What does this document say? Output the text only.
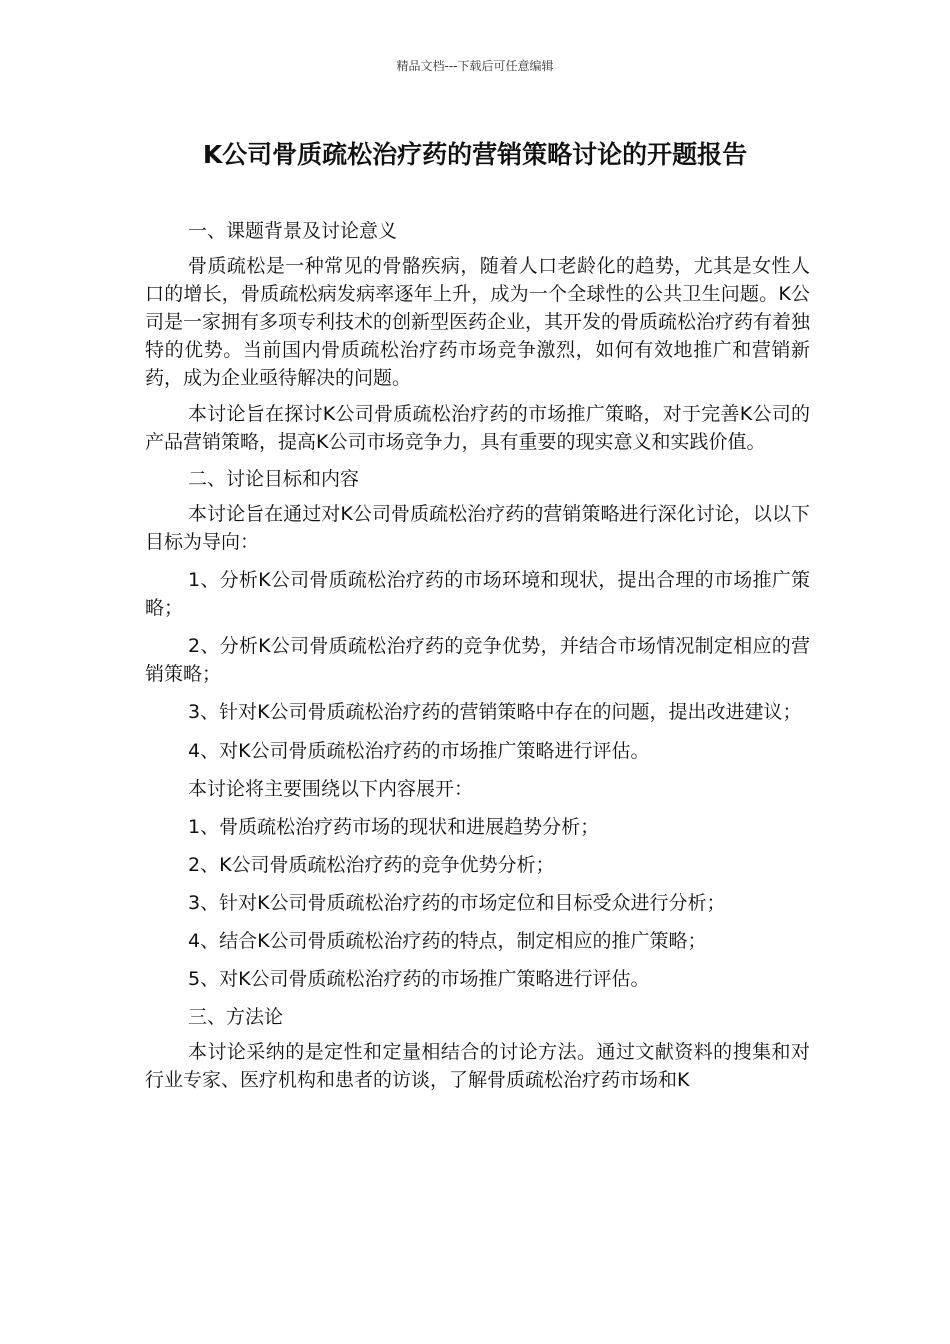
精品文档---下载后可任意编辑
K公司骨质疏松治疗药的营销策略讨论的开题报告

一、课题背景及讨论意义

骨质疏松是一种常见的骨骼疾病，随着人口老龄化的趋势，尤其是女性人口的增长，骨质疏松病发病率逐年上升，成为一个全球性的公共卫生问题。K公司是一家拥有多项专利技术的创新型医药企业，其开发的骨质疏松治疗药有着独特的优势。当前国内骨质疏松治疗药市场竞争激烈，如何有效地推广和营销新药，成为企业亟待解决的问题。

本讨论旨在探讨K公司骨质疏松治疗药的市场推广策略，对于完善K公司的产品营销策略，提高K公司市场竞争力，具有重要的现实意义和实践价值。

二、讨论目标和内容

本讨论旨在通过对K公司骨质疏松治疗药的营销策略进行深化讨论，以以下目标为导向：

1、分析K公司骨质疏松治疗药的市场环境和现状，提出合理的市场推广策略；

2、分析K公司骨质疏松治疗药的竞争优势，并结合市场情况制定相应的营销策略；

3、针对K公司骨质疏松治疗药的营销策略中存在的问题，提出改进建议；

4、对K公司骨质疏松治疗药的市场推广策略进行评估。

本讨论将主要围绕以下内容展开：

1、骨质疏松治疗药市场的现状和进展趋势分析；

2、K公司骨质疏松治疗药的竞争优势分析；

3、针对K公司骨质疏松治疗药的市场定位和目标受众进行分析；

4、结合K公司骨质疏松治疗药的特点，制定相应的推广策略；

5、对K公司骨质疏松治疗药的市场推广策略进行评估。

三、方法论

本讨论采纳的是定性和定量相结合的讨论方法。通过文献资料的搜集和对行业专家、医疗机构和患者的访谈，了解骨质疏松治疗药市场和K
